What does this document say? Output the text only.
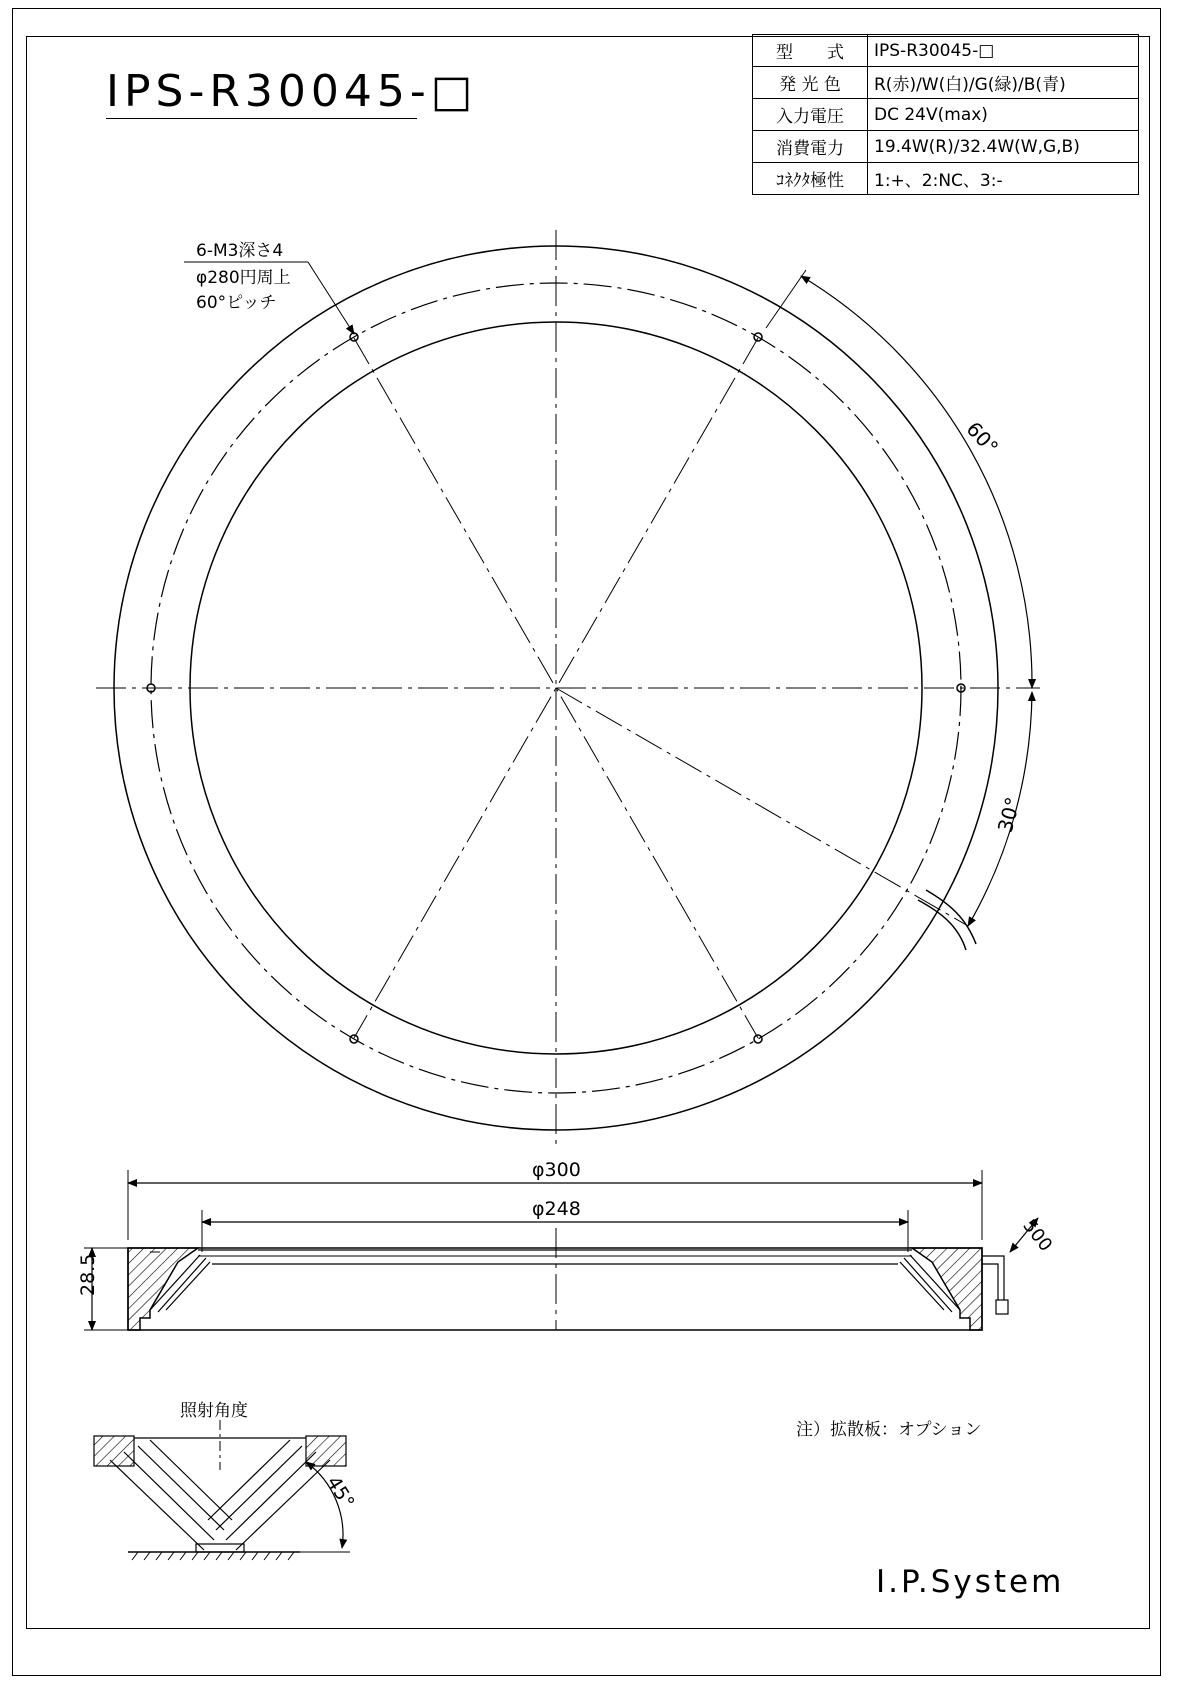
IPS-R30045-□
型　　式	IPS-R30045-□
発 光 色	R(赤)/W(白)/G(緑)/B(青)
入力電圧	DC 24V(max)
消費電力	19.4W(R)/32.4W(W,G,B)
ｺﾈｸﾀ極性	1:+、2:NC、3:-
6-M3深さ4
φ280円周上
60°ピッチ
60°
30°
φ300
φ248
28.5
500
照射角度
45°
注）拡散板：オプション
I.P.System
